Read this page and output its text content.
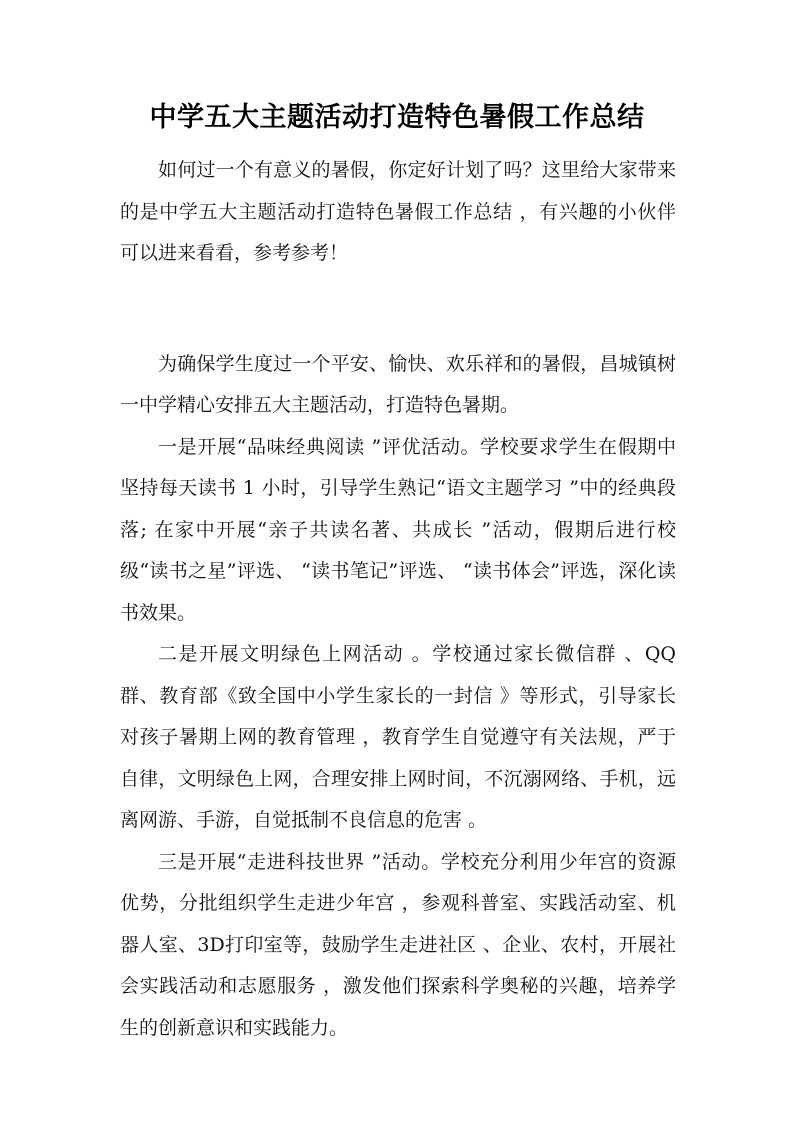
中学五大主题活动打造特色暑假工作总结

如何过一个有意义的暑假，你定好计划了吗？这里给大家带来的是中学五大主题活动打造特色暑假工作总结 ，有兴趣的小伙伴可以进来看看，参考参考！

为确保学生度过一个平安、愉快、欢乐祥和的暑假，昌城镇树一中学精心安排五大主题活动，打造特色暑期。

一是开展“品味经典阅读 ”评优活动。学校要求学生在假期中坚持每天读书 1 小时，引导学生熟记“语文主题学习 ”中的经典段落; 在家中开展“亲子共读名著、共成长 ”活动，假期后进行校级“读书之星”评选、 “读书笔记”评选、 “读书体会”评选，深化读书效果。

二是开展文明绿色上网活动 。学校通过家长微信群 、QQ群、教育部《致全国中小学生家长的一封信 》等形式，引导家长对孩子暑期上网的教育管理 ，教育学生自觉遵守有关法规，严于自律，文明绿色上网，合理安排上网时间，不沉溺网络、手机，远离网游、手游，自觉抵制不良信息的危害 。

三是开展“走进科技世界 ”活动。学校充分利用少年宫的资源优势，分批组织学生走进少年宫 ，参观科普室、实践活动室、机器人室、3D打印室等，鼓励学生走进社区 、企业、农村，开展社会实践活动和志愿服务 ，激发他们探索科学奥秘的兴趣，培养学生的创新意识和实践能力。
